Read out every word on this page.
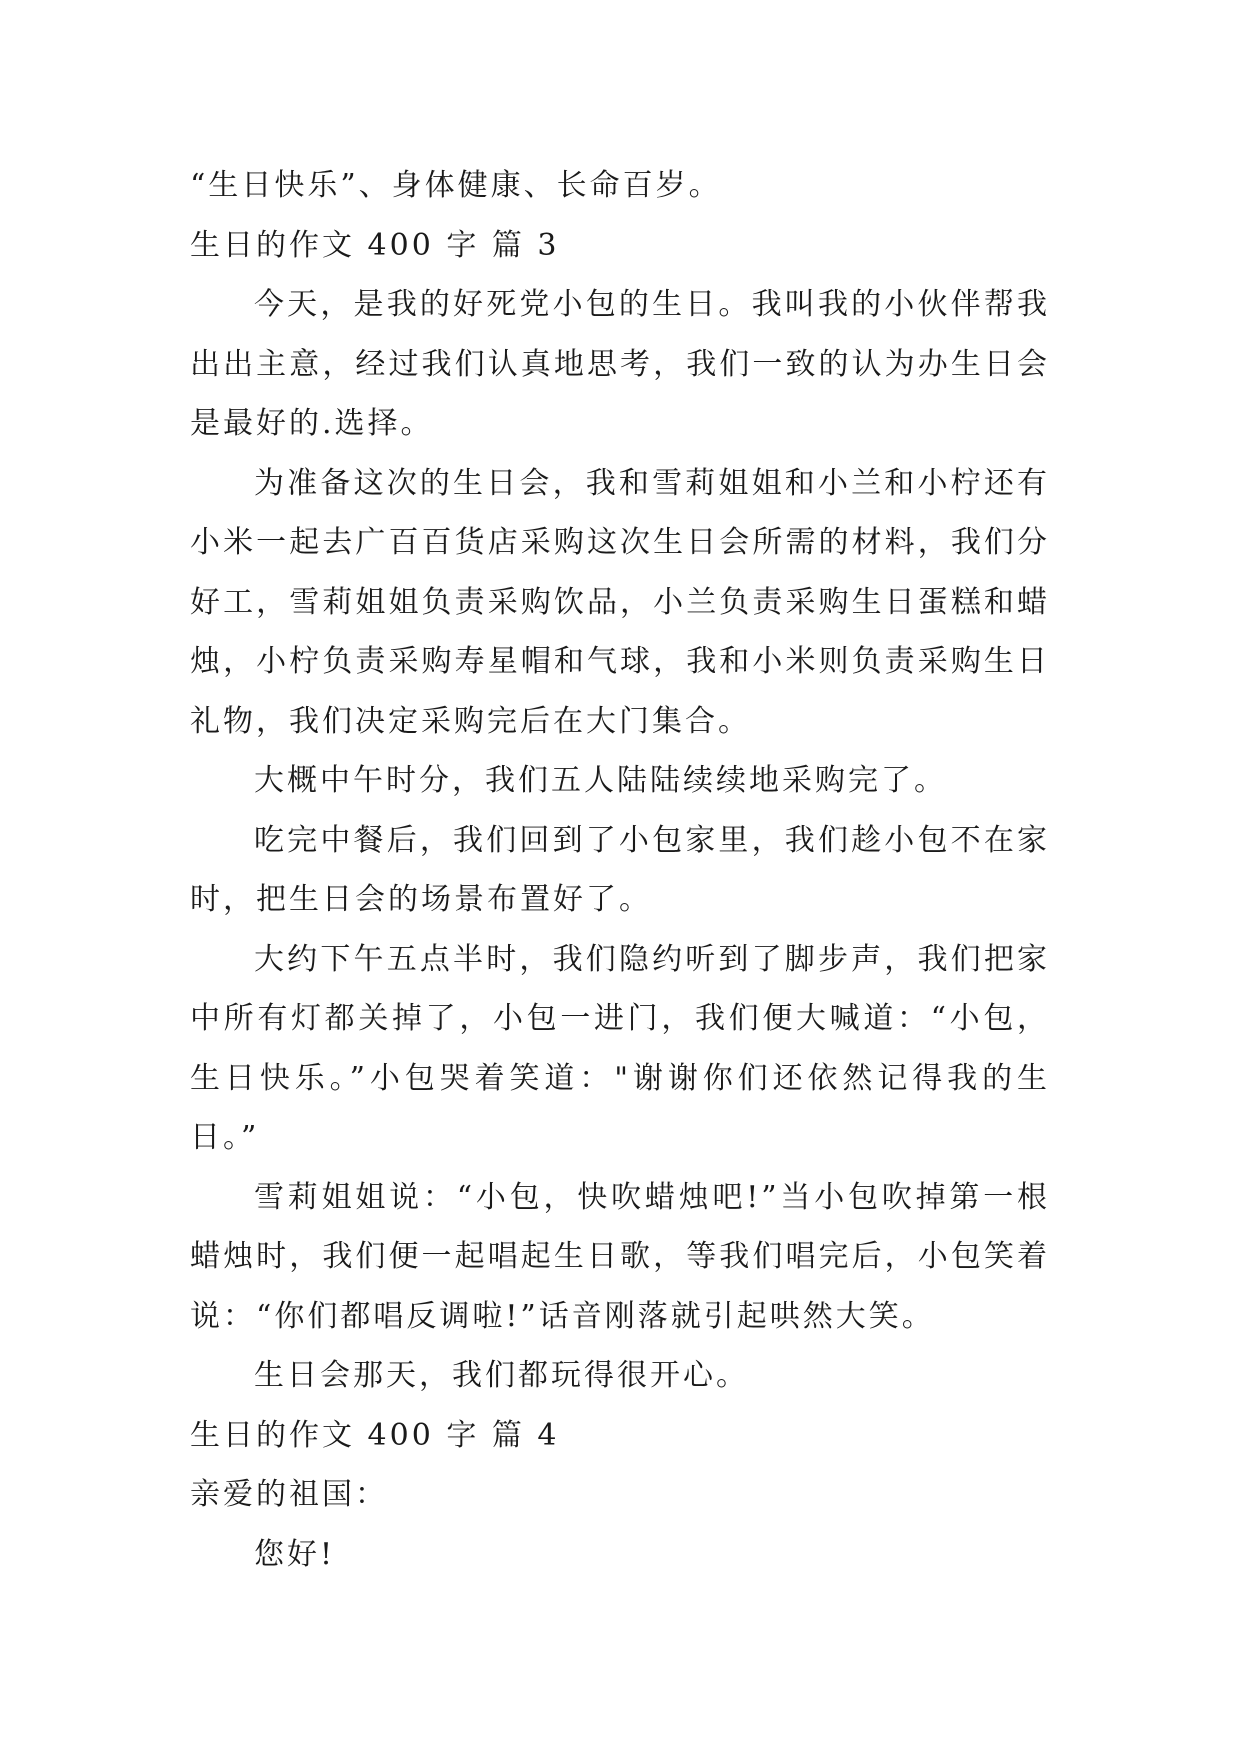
“生日快乐”、身体健康、长命百岁。

生日的作文 400 字 篇 3

今天，是我的好死党小包的生日。我叫我的小伙伴帮我出出主意，经过我们认真地思考，我们一致的认为办生日会是最好的.选择。

为准备这次的生日会，我和雪莉姐姐和小兰和小柠还有小米一起去广百百货店采购这次生日会所需的材料，我们分好工，雪莉姐姐负责采购饮品，小兰负责采购生日蛋糕和蜡烛，小柠负责采购寿星帽和气球，我和小米则负责采购生日礼物，我们决定采购完后在大门集合。

大概中午时分，我们五人陆陆续续地采购完了。

吃完中餐后，我们回到了小包家里，我们趁小包不在家时，把生日会的场景布置好了。

大约下午五点半时，我们隐约听到了脚步声，我们把家中所有灯都关掉了，小包一进门，我们便大喊道：“小包，生日快乐。”小包哭着笑道："谢谢你们还依然记得我的生日。”

雪莉姐姐说：“小包，快吹蜡烛吧!”当小包吹掉第一根蜡烛时，我们便一起唱起生日歌，等我们唱完后，小包笑着说：“你们都唱反调啦!”话音刚落就引起哄然大笑。

生日会那天，我们都玩得很开心。

生日的作文 400 字 篇 4

亲爱的祖国：

您好!
